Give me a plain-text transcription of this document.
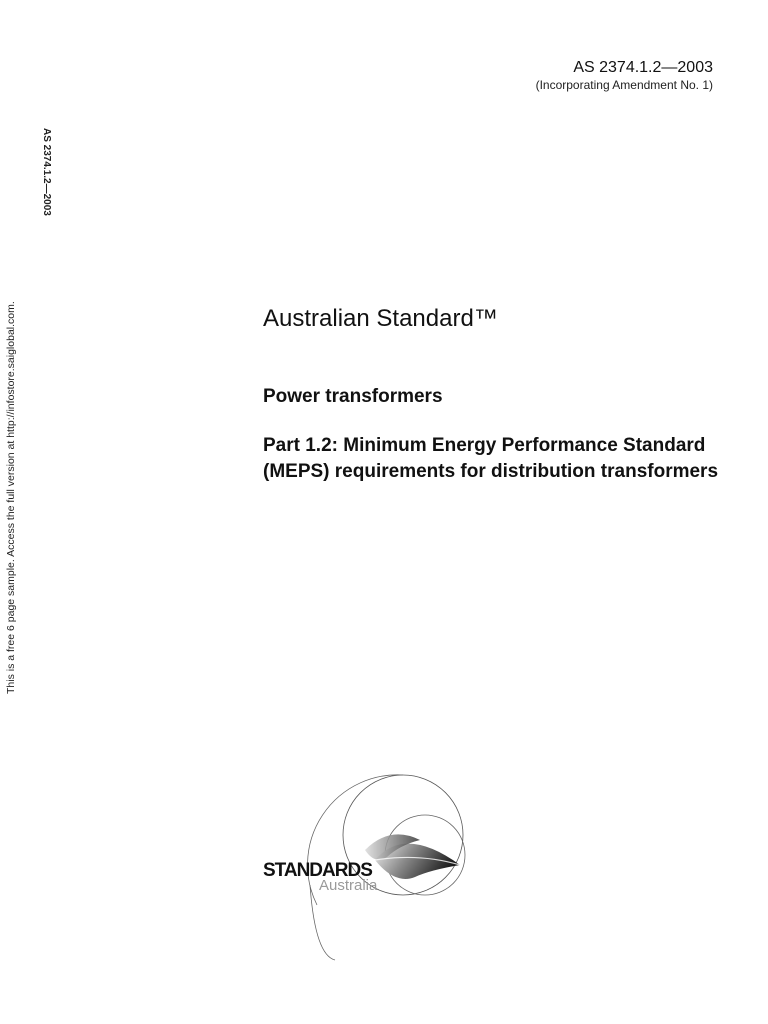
AS 2374.1.2—2003
(Incorporating Amendment No. 1)
AS 2374.1.2—2003
This is a free 6 page sample. Access the full version at http://infostore.saiglobal.com.	Australian Standard™
Power transformers
Part 1.2: Minimum Energy Performance Standard (MEPS) requirements for distribution transformers
STANDARDS
Australia
